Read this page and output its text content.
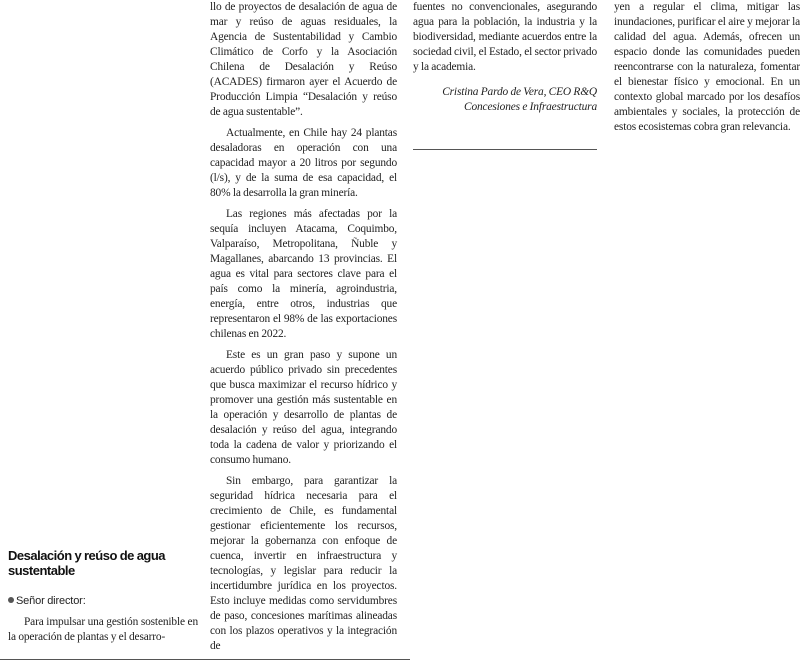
Desalación y reúso de agua sustentable

Señor director:

Para impulsar una gestión sostenible en la operación de plantas y el desarro-

llo de proyectos de desalación de agua de mar y reúso de aguas residuales, la Agencia de Sustentabilidad y Cambio Climático de Corfo y la Asociación Chilena de Desalación y Reúso (ACADES) firmaron ayer el Acuerdo de Producción Limpia “Desalación y reúso de agua sustentable”.

Actualmente, en Chile hay 24 plantas desaladoras en operación con una capacidad mayor a 20 litros por segundo (l/s), y de la suma de esa capacidad, el 80% la desarrolla la gran minería.

Las regiones más afectadas por la sequía incluyen Atacama, Coquimbo, Valparaíso, Metropolitana, Ñuble y Magallanes, abarcando 13 provincias. El agua es vital para sectores clave para el país como la minería, agroindustria, energía, entre otros, industrias que representaron el 98% de las exportaciones chilenas en 2022.

Este es un gran paso y supone un acuerdo público privado sin precedentes que busca maximizar el recurso hídrico y promover una gestión más sustentable en la operación y desarrollo de plantas de desalación y reúso del agua, integrando toda la cadena de valor y priorizando el consumo humano.

Sin embargo, para garantizar la seguridad hídrica necesaria para el crecimiento de Chile, es fundamental gestionar eficientemente los recursos, mejorar la gobernanza con enfoque de cuenca, invertir en infraestructura y tecnologías, y legislar para reducir la incertidumbre jurídica en los proyectos. Esto incluye medidas como servidumbres de paso, concesiones marítimas alineadas con los plazos operativos y la integración de

fuentes no convencionales, asegurando agua para la población, la industria y la biodiversidad, mediante acuerdos entre la sociedad civil, el Estado, el sector privado y la academia.

Cristina Pardo de Vera, CEO R&Q Concesiones e Infraestructura

yen a regular el clima, mitigar las inundaciones, purificar el aire y mejorar la calidad del agua. Además, ofrecen un espacio donde las comunidades pueden reencontrarse con la naturaleza, fomentar el bienestar físico y emocional. En un contexto global marcado por los desafíos ambientales y sociales, la protección de estos ecosistemas cobra gran relevancia.
